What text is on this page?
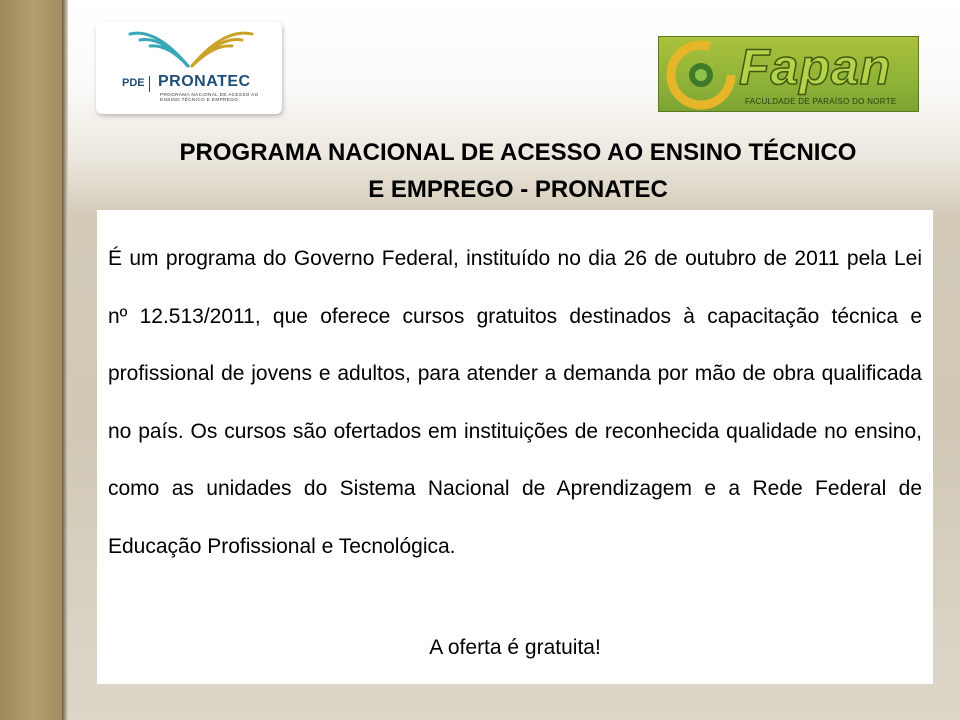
PDE PRONATEC
PROGRAMA NACIONAL DE ACESSO AO ENSINO TÉCNICO E EMPREGO
Fapan
FACULDADE DE PARAÍSO DO NORTE
PROGRAMA NACIONAL DE ACESSO AO ENSINO TÉCNICO
E EMPREGO - PRONATEC

É um programa do Governo Federal, instituído no dia 26 de outubro de 2011 pela Lei nº 12.513/2011, que oferece cursos gratuitos destinados à capacitação técnica e profissional de jovens e adultos, para atender a demanda por mão de obra qualificada no país. Os cursos são ofertados em instituições de reconhecida qualidade no ensino, como as unidades do Sistema Nacional de Aprendizagem e a Rede Federal de Educação Profissional e Tecnológica.

A oferta é gratuita!
